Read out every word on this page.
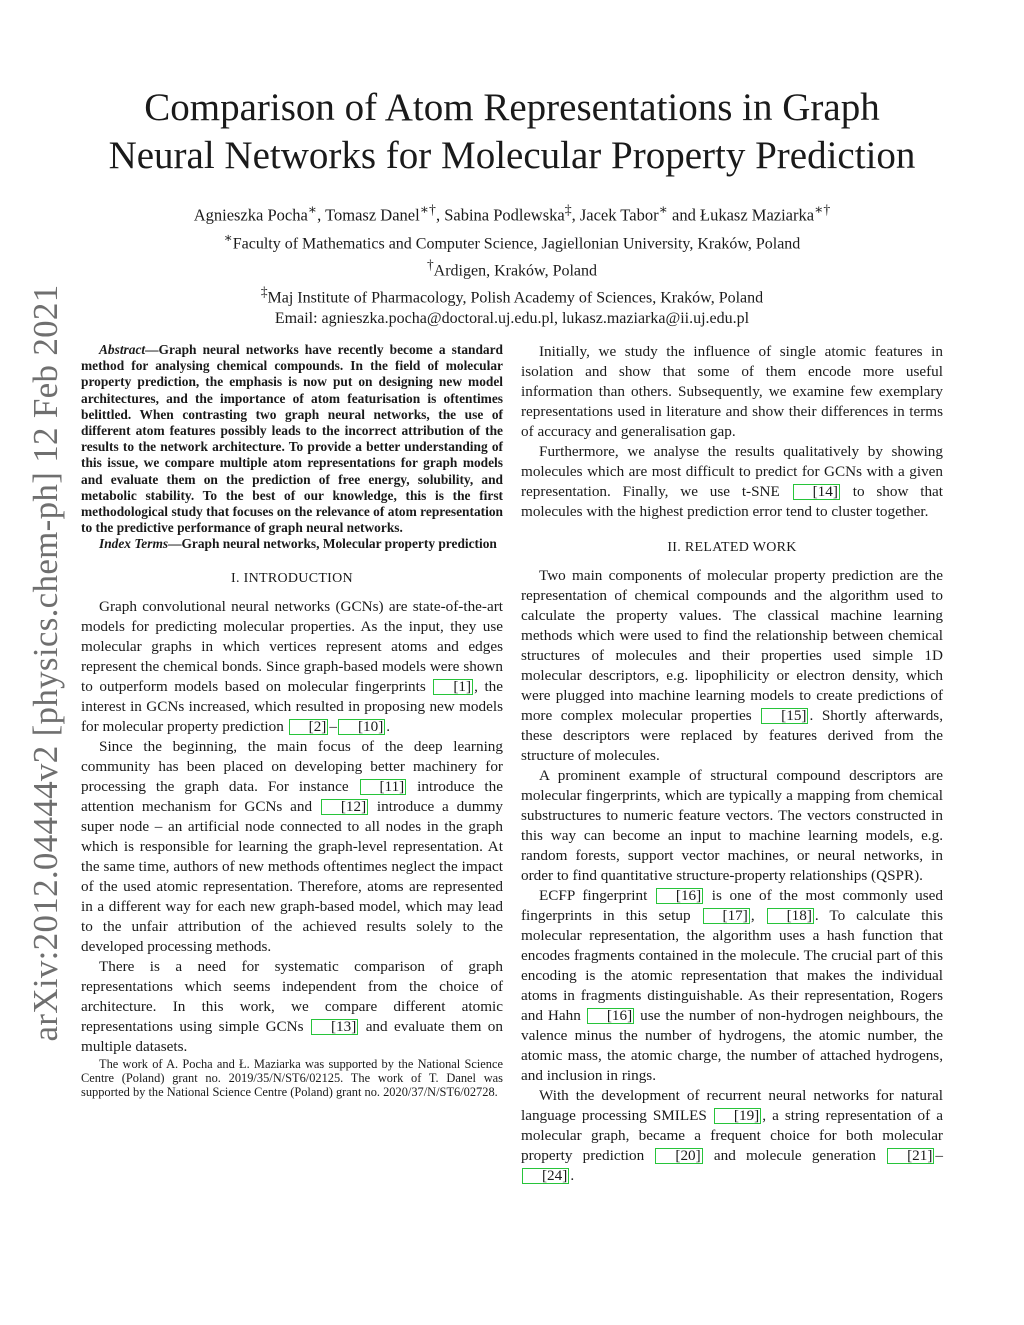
arXiv:2012.04444v2 [physics.chem-ph] 12 Feb 2021
Comparison of Atom Representations in Graph
Neural Networks for Molecular Property Prediction
Agnieszka Pocha∗, Tomasz Danel∗†, Sabina Podlewska‡, Jacek Tabor∗ and Łukasz Maziarka∗†
∗Faculty of Mathematics and Computer Science, Jagiellonian University, Kraków, Poland
†Ardigen, Kraków, Poland
‡Maj Institute of Pharmacology, Polish Academy of Sciences, Kraków, Poland
Email: agnieszka.pocha@doctoral.uj.edu.pl, lukasz.maziarka@ii.uj.edu.pl

Abstract—Graph neural networks have recently become a standard method for analysing chemical compounds. In the field of molecular property prediction, the emphasis is now put on designing new model architectures, and the importance of atom featurisation is oftentimes belittled. When contrasting two graph neural networks, the use of different atom features possibly leads to the incorrect attribution of the results to the network architecture. To provide a better understanding of this issue, we compare multiple atom representations for graph models and evaluate them on the prediction of free energy, solubility, and metabolic stability. To the best of our knowledge, this is the first methodological study that focuses on the relevance of atom representation to the predictive performance of graph neural networks.

Index Terms—Graph neural networks, Molecular property prediction

I. INTRODUCTION

Graph convolutional neural networks (GCNs) are state-of-the-art models for predicting molecular properties. As the input, they use molecular graphs in which vertices represent atoms and edges represent the chemical bonds. Since graph-based models were shown to outperform models based on molecular fingerprints [1] , the interest in GCNs increased, which resulted in proposing new models for molecular property prediction [2] – [10] .

Since the beginning, the main focus of the deep learning community has been placed on developing better machinery for processing the graph data. For instance [11] introduce the attention mechanism for GCNs and [12] introduce a dummy super node – an artificial node connected to all nodes in the graph which is responsible for learning the graph-level representation. At the same time, authors of new methods oftentimes neglect the impact of the used atomic representation. Therefore, atoms are represented in a different way for each new graph-based model, which may lead to the unfair attribution of the achieved results solely to the developed processing methods.

There is a need for systematic comparison of graph representations which seems independent from the choice of architecture. In this work, we compare different atomic representations using simple GCNs [13] and evaluate them on multiple datasets.

The work of A. Pocha and Ł. Maziarka was supported by the National Science Centre (Poland) grant no. 2019/35/N/ST6/02125. The work of T. Danel was supported by the National Science Centre (Poland) grant no. 2020/37/N/ST6/02728.

Initially, we study the influence of single atomic features in isolation and show that some of them encode more useful information than others. Subsequently, we examine few exemplary representations used in literature and show their differences in terms of accuracy and generalisation gap.

Furthermore, we analyse the results qualitatively by showing molecules which are most difficult to predict for GCNs with a given representation. Finally, we use t-SNE [14] to show that molecules with the highest prediction error tend to cluster together.

II. RELATED WORK

Two main components of molecular property prediction are the representation of chemical compounds and the algorithm used to calculate the property values. The classical machine learning methods which were used to find the relationship between chemical structures of molecules and their properties used simple 1D molecular descriptors, e.g. lipophilicity or electron density, which were plugged into machine learning models to create predictions of more complex molecular properties [15] . Shortly afterwards, these descriptors were replaced by features derived from the structure of molecules.

A prominent example of structural compound descriptors are molecular fingerprints, which are typically a mapping from chemical substructures to numeric feature vectors. The vectors constructed in this way can become an input to machine learning models, e.g. random forests, support vector machines, or neural networks, in order to find quantitative structure-property relationships (QSPR).

ECFP fingerprint [16] is one of the most commonly used fingerprints in this setup [17] , [18] . To calculate this molecular representation, the algorithm uses a hash function that encodes fragments contained in the molecule. The crucial part of this encoding is the atomic representation that makes the individual atoms in fragments distinguishable. As their representation, Rogers and Hahn [16] use the number of non-hydrogen neighbours, the valence minus the number of hydrogens, the atomic number, the atomic mass, the atomic charge, the number of attached hydrogens, and inclusion in rings.

With the development of recurrent neural networks for natural language processing SMILES [19] , a string representation of a molecular graph, became a frequent choice for both molecular property prediction [20] and molecule generation [21] –[24] .
